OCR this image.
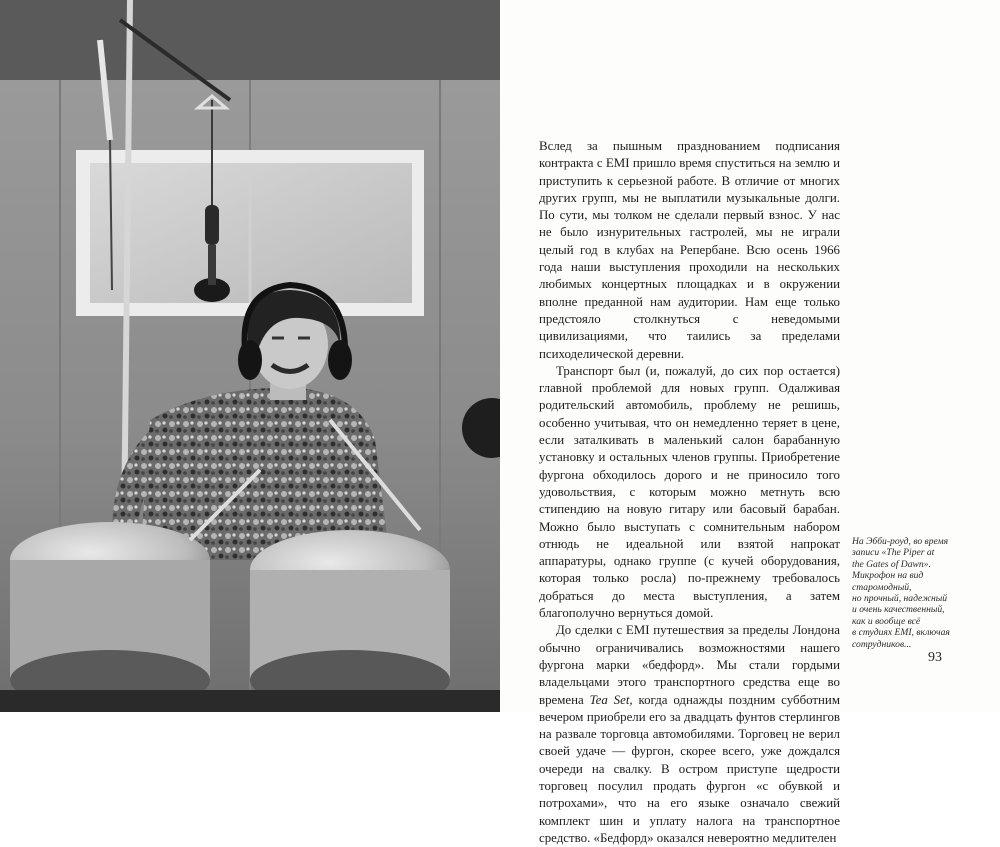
Вслед за пышным празднованием подписания контракта с EMI пришло время спуститься на землю и приступить к серьезной работе. В отличие от многих других групп, мы не выплатили музыкальные долги. По сути, мы толком не сделали первый взнос. У нас не было изнурительных гастролей, мы не играли целый год в клубах на Репербане. Всю осень 1966 года наши выступления проходили на нескольких любимых концертных площадках и в окружении вполне преданной нам аудитории. Нам еще только предстояло столкнуться с неведомыми цивилизациями, что таились за пределами психоделической деревни.

Транспорт был (и, пожалуй, до сих пор остается) главной проблемой для новых групп. Одалживая родительский автомобиль, проблему не решишь, особенно учитывая, что он немедленно теряет в цене, если заталкивать в маленький салон барабанную установку и остальных членов группы. Приобретение фургона обходилось дорого и не приносило того удовольствия, с которым можно метнуть всю стипендию на новую гитару или басовый барабан. Можно было выступать с сомнительным набором отнюдь не идеальной или взятой напрокат аппаратуры, однако группе (с кучей оборудования, которая только росла) по-прежнему требовалось добраться до места выступления, а затем благополучно вернуться домой.

До сделки с EMI путешествия за пределы Лондона обычно ограничивались возможностями нашего фургона марки «бедфорд». Мы стали гордыми владельцами этого транспортного средства еще во времена Tea Set, когда однажды поздним субботним вечером приобрели его за двадцать фунтов стерлингов на развале торговца автомобилями. Торговец не верил своей удаче — фургон, скорее всего, уже дождался очереди на свалку. В остром приступе щедрости торговец посулил продать фургон «с обувкой и потрохами», что на его языке означало свежий комплект шин и уплату налога на транспортное средство. «Бедфорд» оказался невероятно медлителен

На Эбби-роуд, во время
записи «The Piper at
the Gates of Dawn».
Микрофон на вид
старомодный,
но прочный, надежный
и очень качественный,
как и вообще всё
в студиях EMI, включая
сотрудников...
93
